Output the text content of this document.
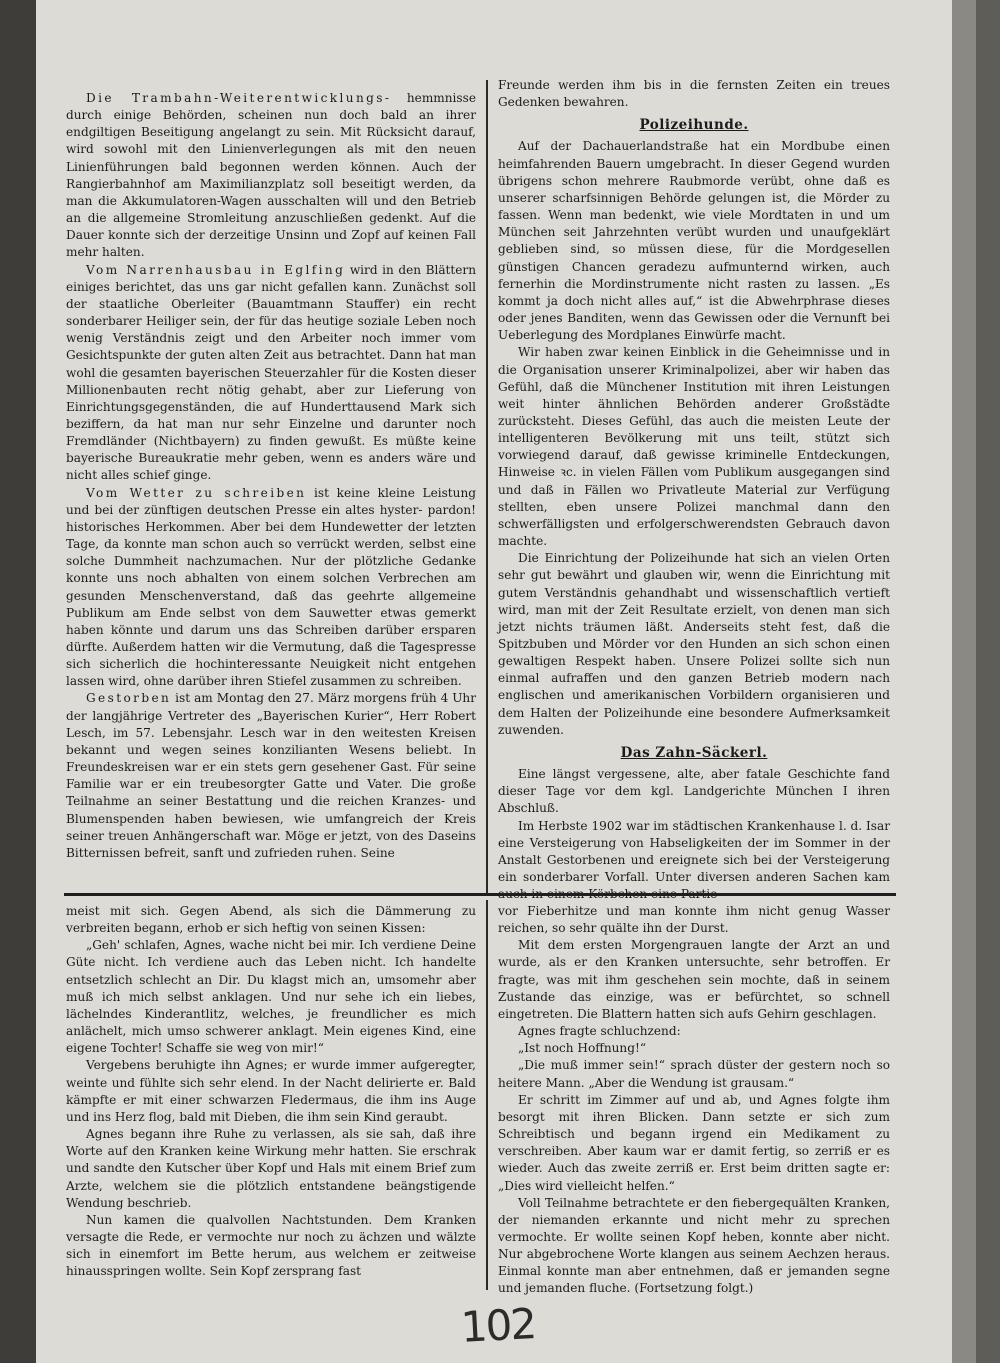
Die Trambahn-Weiterentwicklungs- hemmnisse durch einige Behörden, scheinen nun doch bald an ihrer endgiltigen Beseitigung angelangt zu sein. Mit Rücksicht darauf, wird sowohl mit den Linienverlegungen als mit den neuen Linienführungen bald begonnen werden können. Auch der Rangierbahnhof am Maximilianzplatz soll beseitigt werden, da man die Akkumulatoren-Wagen ausschalten will und den Betrieb an die allgemeine Stromleitung anzuschließen gedenkt. Auf die Dauer konnte sich der derzeitige Unsinn und Zopf auf keinen Fall mehr halten.

Vom Narrenhausbau in Eglfing wird in den Blättern einiges berichtet, das uns gar nicht gefallen kann. Zunächst soll der staatliche Oberleiter (Bauamtmann Stauffer) ein recht sonderbarer Heiliger sein, der für das heutige soziale Leben noch wenig Verständnis zeigt und den Arbeiter noch immer vom Gesichtspunkte der guten alten Zeit aus betrachtet. Dann hat man wohl die gesamten bayerischen Steuerzahler für die Kosten dieser Millionenbauten recht nötig gehabt, aber zur Lieferung von Einrichtungsgegenständen, die auf Hunderttausend Mark sich beziffern, da hat man nur sehr Einzelne und darunter noch Fremdländer (Nichtbayern) zu finden gewußt. Es müßte keine bayerische Bureaukratie mehr geben, wenn es anders wäre und nicht alles schief ginge.

Vom Wetter zu schreiben ist keine kleine Leistung und bei der zünftigen deutschen Presse ein altes hyster- pardon! historisches Herkommen. Aber bei dem Hundewetter der letzten Tage, da konnte man schon auch so verrückt werden, selbst eine solche Dummheit nachzumachen. Nur der plötzliche Gedanke konnte uns noch abhalten von einem solchen Verbrechen am gesunden Menschenverstand, daß das geehrte allgemeine Publikum am Ende selbst von dem Sauwetter etwas gemerkt haben könnte und darum uns das Schreiben darüber ersparen dürfte. Außerdem hatten wir die Vermutung, daß die Tagespresse sich sicherlich die hochinteressante Neuigkeit nicht entgehen lassen wird, ohne darüber ihren Stiefel zusammen zu schreiben.

Gestorben ist am Montag den 27. März morgens früh 4 Uhr der langjährige Vertreter des „Bayerischen Kurier“, Herr Robert Lesch, im 57. Lebensjahr. Lesch war in den weitesten Kreisen bekannt und wegen seines konzilianten Wesens beliebt. In Freundeskreisen war er ein stets gern gesehener Gast. Für seine Familie war er ein treubesorgter Gatte und Vater. Die große Teilnahme an seiner Bestattung und die reichen Kranzes- und Blumenspenden haben bewiesen, wie umfangreich der Kreis seiner treuen Anhängerschaft war. Möge er jetzt, von des Daseins Bitternissen befreit, sanft und zufrieden ruhen. Seine

Freunde werden ihm bis in die fernsten Zeiten ein treues Gedenken bewahren.

Polizeihunde.

Auf der Dachauerlandstraße hat ein Mordbube einen heimfahrenden Bauern umgebracht. In dieser Gegend wurden übrigens schon mehrere Raubmorde verübt, ohne daß es unserer scharfsinnigen Behörde gelungen ist, die Mörder zu fassen. Wenn man bedenkt, wie viele Mordtaten in und um München seit Jahrzehnten verübt wurden und unaufgeklärt geblieben sind, so müssen diese, für die Mordgesellen günstigen Chancen geradezu aufmunternd wirken, auch fernerhin die Mordinstrumente nicht rasten zu lassen. „Es kommt ja doch nicht alles auf,“ ist die Abwehrphrase dieses oder jenes Banditen, wenn das Gewissen oder die Vernunft bei Ueberlegung des Mordplanes Einwürfe macht.

Wir haben zwar keinen Einblick in die Geheimnisse und in die Organisation unserer Kriminalpolizei, aber wir haben das Gefühl, daß die Münchener Institution mit ihren Leistungen weit hinter ähnlichen Behörden anderer Großstädte zurücksteht. Dieses Gefühl, das auch die meisten Leute der intelligenteren Bevölkerung mit uns teilt, stützt sich vorwiegend darauf, daß gewisse kriminelle Entdeckungen, Hinweise ꝛc. in vielen Fällen vom Publikum ausgegangen sind und daß in Fällen wo Privatleute Material zur Verfügung stellten, eben unsere Polizei manchmal dann den schwerfälligsten und erfolgerschwerendsten Gebrauch davon machte.

Die Einrichtung der Polizeihunde hat sich an vielen Orten sehr gut bewährt und glauben wir, wenn die Einrichtung mit gutem Verständnis gehandhabt und wissenschaftlich vertieft wird, man mit der Zeit Resultate erzielt, von denen man sich jetzt nichts träumen läßt. Anderseits steht fest, daß die Spitzbuben und Mörder vor den Hunden an sich schon einen gewaltigen Respekt haben. Unsere Polizei sollte sich nun einmal aufraffen und den ganzen Betrieb modern nach englischen und amerikanischen Vorbildern organisieren und dem Halten der Polizeihunde eine besondere Aufmerksamkeit zuwenden.

Das Zahn-Säckerl.

Eine längst vergessene, alte, aber fatale Geschichte fand dieser Tage vor dem kgl. Landgerichte München I ihren Abschluß.

Im Herbste 1902 war im städtischen Krankenhause l. d. Isar eine Versteigerung von Habseligkeiten der im Sommer in der Anstalt Gestorbenen und ereignete sich bei der Versteigerung ein sonderbarer Vorfall. Unter diversen anderen Sachen kam

meist mit sich. Gegen Abend, als sich die Dämmerung zu verbreiten begann, erhob er sich heftig von seinen Kissen:

„Geh' schlafen, Agnes, wache nicht bei mir. Ich verdiene Deine Güte nicht. Ich verdiene auch das Leben nicht. Ich handelte entsetzlich schlecht an Dir. Du klagst mich an, umsomehr aber muß ich mich selbst anklagen. Und nur sehe ich ein liebes, lächelndes Kinderantlitz, welches, je freundlicher es mich anlächelt, mich umso schwerer anklagt. Mein eigenes Kind, eine eigene Tochter! Schaffe sie weg von mir!“

Vergebens beruhigte ihn Agnes; er wurde immer aufgeregter, weinte und fühlte sich sehr elend. In der Nacht delirierte er. Bald kämpfte er mit einer schwarzen Fledermaus, die ihm ins Auge und ins Herz flog, bald mit Dieben, die ihm sein Kind geraubt.

Agnes begann ihre Ruhe zu verlassen, als sie sah, daß ihre Worte auf den Kranken keine Wirkung mehr hatten. Sie erschrak und sandte den Kutscher über Kopf und Hals mit einem Brief zum Arzte, welchem sie die plötzlich entstandene beängstigende Wendung beschrieb.

Nun kamen die qualvollen Nachtstunden. Dem Kranken versagte die Rede, er vermochte nur noch zu ächzen und wälzte sich in einemfort im Bette herum, aus welchem er zeitweise hinausspringen wollte. Sein Kopf zersprang fast

vor Fieberhitze und man konnte ihm nicht genug Wasser reichen, so sehr quälte ihn der Durst.

Mit dem ersten Morgengrauen langte der Arzt an und wurde, als er den Kranken untersuchte, sehr betroffen. Er fragte, was mit ihm geschehen sein mochte, daß in seinem Zustande das einzige, was er befürchtet, so schnell eingetreten. Die Blattern hatten sich aufs Gehirn geschlagen.

Agnes fragte schluchzend:

„Ist noch Hoffnung!“

„Die muß immer sein!“ sprach düster der gestern noch so heitere Mann. „Aber die Wendung ist grausam.“

Er schritt im Zimmer auf und ab, und Agnes folgte ihm besorgt mit ihren Blicken. Dann setzte er sich zum Schreibtisch und begann irgend ein Medikament zu verschreiben. Aber kaum war er damit fertig, so zerriß er es wieder. Auch das zweite zerriß er. Erst beim dritten sagte er: „Dies wird vielleicht helfen.“

Voll Teilnahme betrachtete er den fiebergequälten Kranken, der niemanden erkannte und nicht mehr zu sprechen vermochte. Er wollte seinen Kopf heben, konnte aber nicht. Nur abgebrochene Worte klangen aus seinem Aechzen heraus. Einmal konnte man aber entnehmen, daß er jemanden segne und jemanden fluche. (Fortsetzung folgt.)

102
